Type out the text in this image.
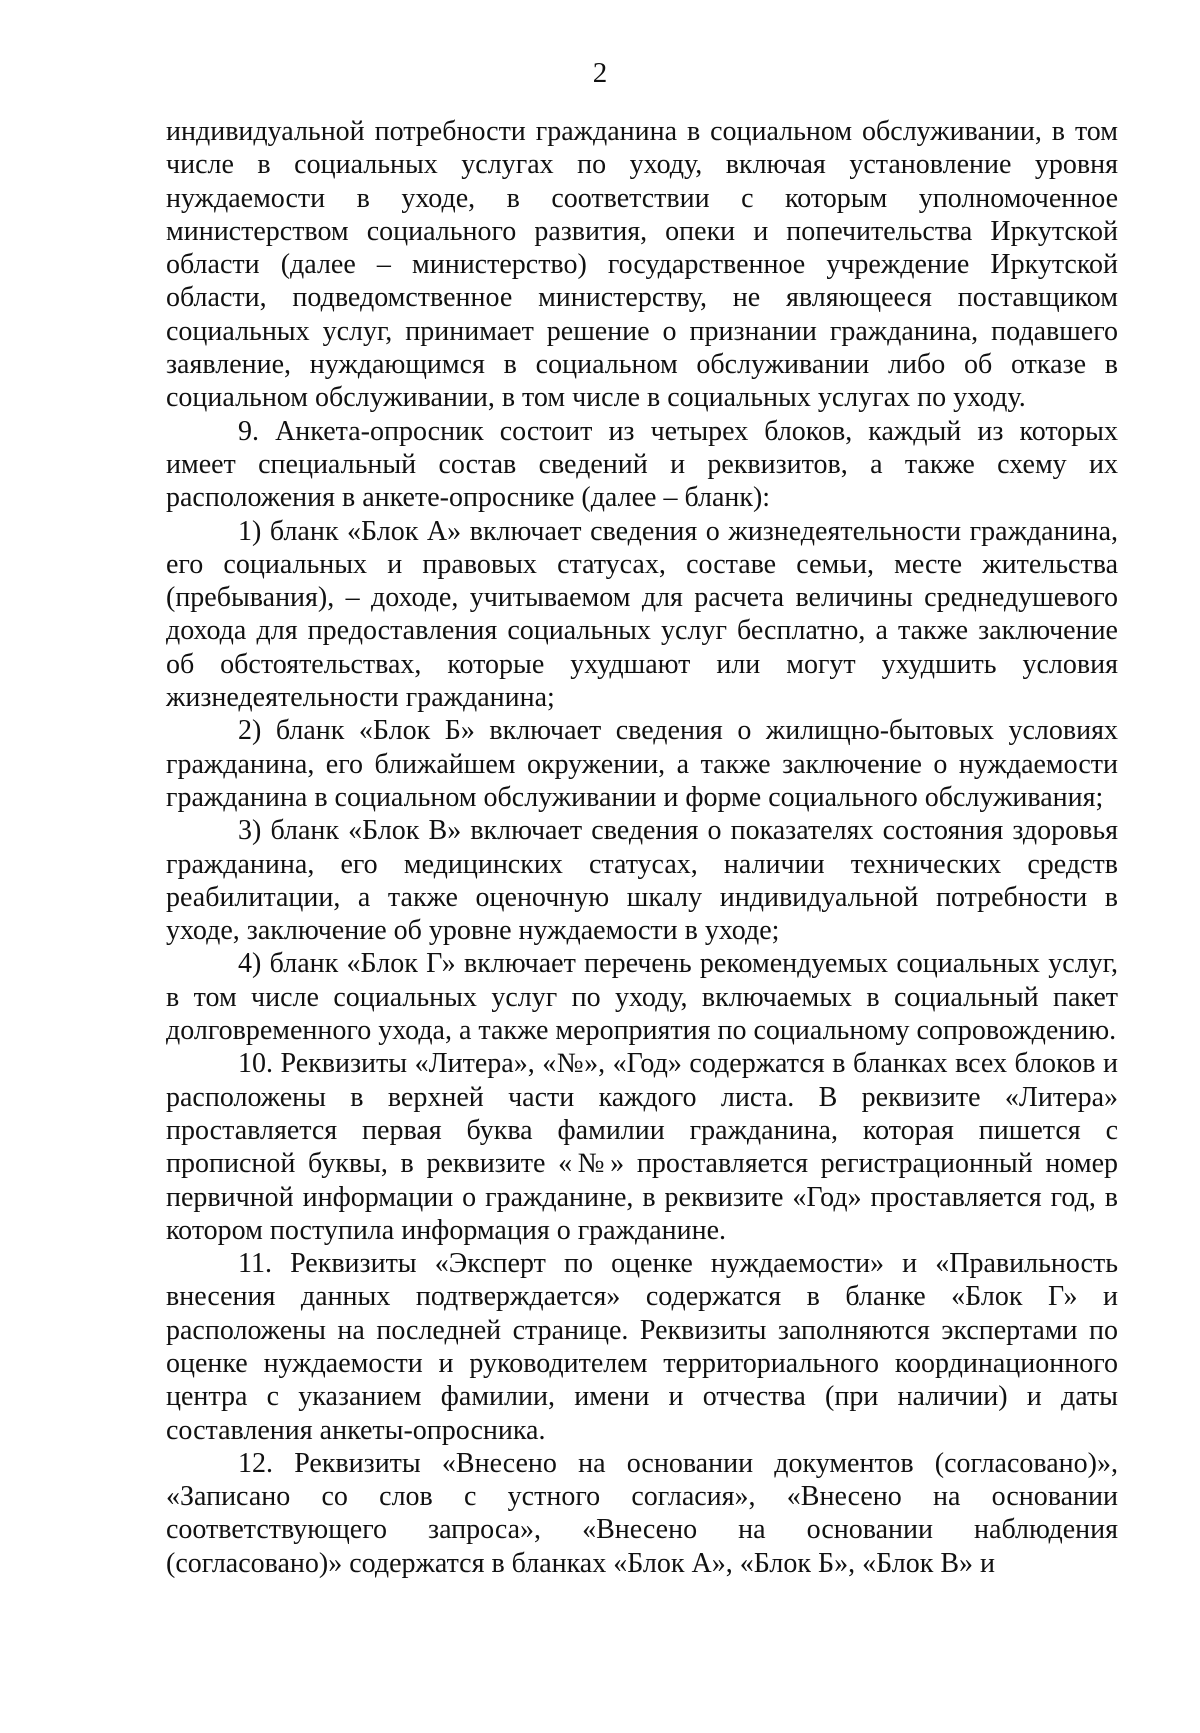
2

индивидуальной потребности гражданина в социальном обслуживании, в том числе в социальных услугах по уходу, включая установление уровня нуждаемости в уходе, в соответствии с которым уполномоченное министерством социального развития, опеки и попечительства Иркутской области (далее – министерство) государственное учреждение Иркутской области, подведомственное министерству, не являющееся поставщиком социальных услуг, принимает решение о признании гражданина, подавшего заявление, нуждающимся в социальном обслуживании либо об отказе в социальном обслуживании, в том числе в социальных услугах по уходу.

9. Анкета-опросник состоит из четырех блоков, каждый из которых имеет специальный состав сведений и реквизитов, а также схему их расположения в анкете-опроснике (далее – бланк):

1) бланк «Блок А» включает сведения о жизнедеятельности гражданина, его социальных и правовых статусах, составе семьи, месте жительства (пребывания), – доходе, учитываемом для расчета величины среднедушевого дохода для предоставления социальных услуг бесплатно, а также заключение об обстоятельствах, которые ухудшают или могут ухудшить условия жизнедеятельности гражданина;

2) бланк «Блок Б» включает сведения о жилищно-бытовых условиях гражданина, его ближайшем окружении, а также заключение о нуждаемости гражданина в социальном обслуживании и форме социального обслуживания;

3) бланк «Блок В» включает сведения о показателях состояния здоровья гражданина, его медицинских статусах, наличии технических средств реабилитации, а также оценочную шкалу индивидуальной потребности в уходе, заключение об уровне нуждаемости в уходе;

4) бланк «Блок Г» включает перечень рекомендуемых социальных услуг, в том числе социальных услуг по уходу, включаемых в социальный пакет долговременного ухода, а также мероприятия по социальному сопровождению.

10. Реквизиты «Литера», «№», «Год» содержатся в бланках всех блоков и расположены в верхней части каждого листа. В реквизите «Литера» проставляется первая буква фамилии гражданина, которая пишется с прописной буквы, в реквизите «№» проставляется регистрационный номер первичной информации о гражданине, в реквизите «Год» проставляется год, в котором поступила информация о гражданине.

11. Реквизиты «Эксперт по оценке нуждаемости» и «Правильность внесения данных подтверждается» содержатся в бланке «Блок Г» и расположены на последней странице. Реквизиты заполняются экспертами по оценке нуждаемости и руководителем территориального координационного центра с указанием фамилии, имени и отчества (при наличии) и даты составления анкеты-опросника.

12. Реквизиты «Внесено на основании документов (согласовано)», «Записано со слов с устного согласия», «Внесено на основании соответствующего запроса», «Внесено на основании наблюдения (согласовано)» содержатся в бланках «Блок А», «Блок Б», «Блок В» и
